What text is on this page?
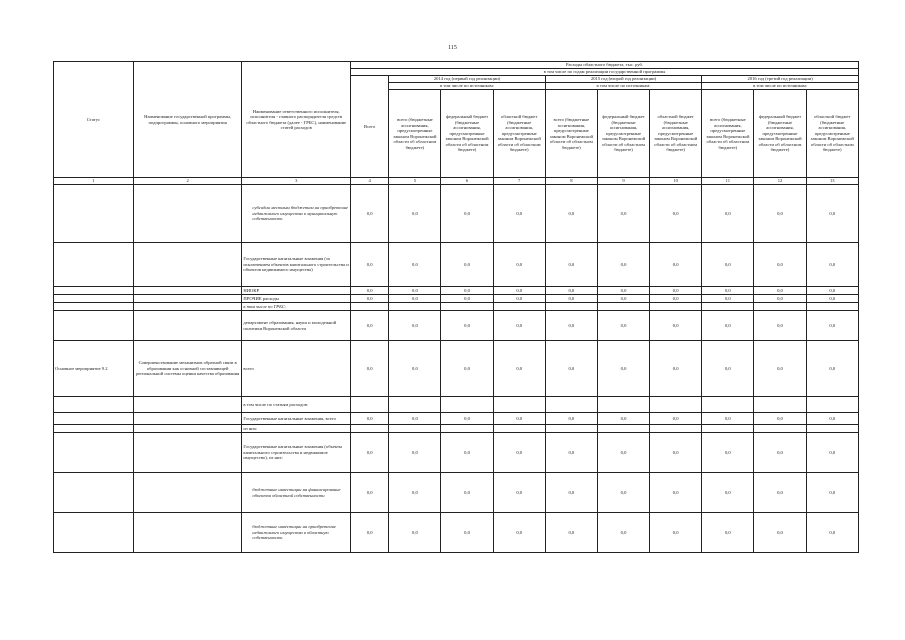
115
Статус	Наименование государственной программы, подпрограммы, основного мероприятия	Наименование ответственного исполнителя, исполнителя - главного распорядителя средств областного бюджета (далее - ГРБС), наименование статей расходов	Расходы областного бюджета, тыс. руб.									
			в том числе по годам реализации государственной программы									
			Всего	2014 год (первый год реализации)			2015 год (второй год реализации)			2016 год (третий год реализации)		
				в том числе по источникам:			в том числе по источникам:			в том числе по источникам:		
				всего (бюджетные ассигнования, предусмотренные законом Воронежской области об областном бюджете)	федеральный бюджет (бюджетные ассигнования, предусмотренные законом Воронежской области об областном бюджете)	областной бюджет (бюджетные ассигнования, предусмотренные законом Воронежской области об областном бюджете)	всего (бюджетные ассигнования, предусмотренные законом Воронежской области об областном бюджете)	федеральный бюджет (бюджетные ассигнования, предусмотренные законом Воронежской области об областном бюджете)	областной бюджет (бюджетные ассигнования, предусмотренные законом Воронежской области об областном бюджете)	всего (бюджетные ассигнования, предусмотренные законом Воронежской области об областном бюджете)	федеральный бюджет (бюджетные ассигнования, предусмотренные законом Воронежской области об областном бюджете)	областной бюджет (бюджетные ассигнования, предусмотренные законом Воронежской области об областном бюджете)
1	2	3	4	5	6	7	8	9	10	11	12	13
		субсидии местным бюджетам на приобретение недвижимого имущества в муниципальную собственность	0,0	0,0	0,0	0,0	0,0	0,0	0,0	0,0	0,0	0,0
		Государственные капитальные вложения (за исключением объектов капитального строительства и объектов недвижимого имущества)	0,0	0,0	0,0	0,0	0,0	0,0	0,0	0,0	0,0	0,0
		НИОКР	0,0	0,0	0,0	0,0	0,0	0,0	0,0	0,0	0,0	0,0
		ПРОЧИЕ расходы	0,0	0,0	0,0	0,0	0,0	0,0	0,0	0,0	0,0	0,0
		в том числе по ГРБС:										
		департамент образования, науки и молодежной политики Воронежской области	0,0	0,0	0,0	0,0	0,0	0,0	0,0	0,0	0,0	0,0
Основное мероприятие 9.2	Совершенствование механизмов обратной связи в образовании как основной составляющей региональной системы оценки качества образования	всего	0,0	0,0	0,0	0,0	0,0	0,0	0,0	0,0	0,0	0,0
		в том числе по статьям расходов:										
		Государственные капитальные вложения, всего	0,0	0,0	0,0	0,0	0,0	0,0	0,0	0,0	0,0	0,0
		из них:										
		Государственные капитальные вложения (объекты капитального строительства и недвижимое имущество), из них:	0,0	0,0	0,0	0,0	0,0	0,0	0,0	0,0	0,0	0,0
		бюджетные инвестиции на финансирование объектов областной собственности	0,0	0,0	0,0	0,0	0,0	0,0	0,0	0,0	0,0	0,0
		бюджетные инвестиции на приобретение недвижимого имущества в областную собственность	0,0	0,0	0,0	0,0	0,0	0,0	0,0	0,0	0,0	0,0
